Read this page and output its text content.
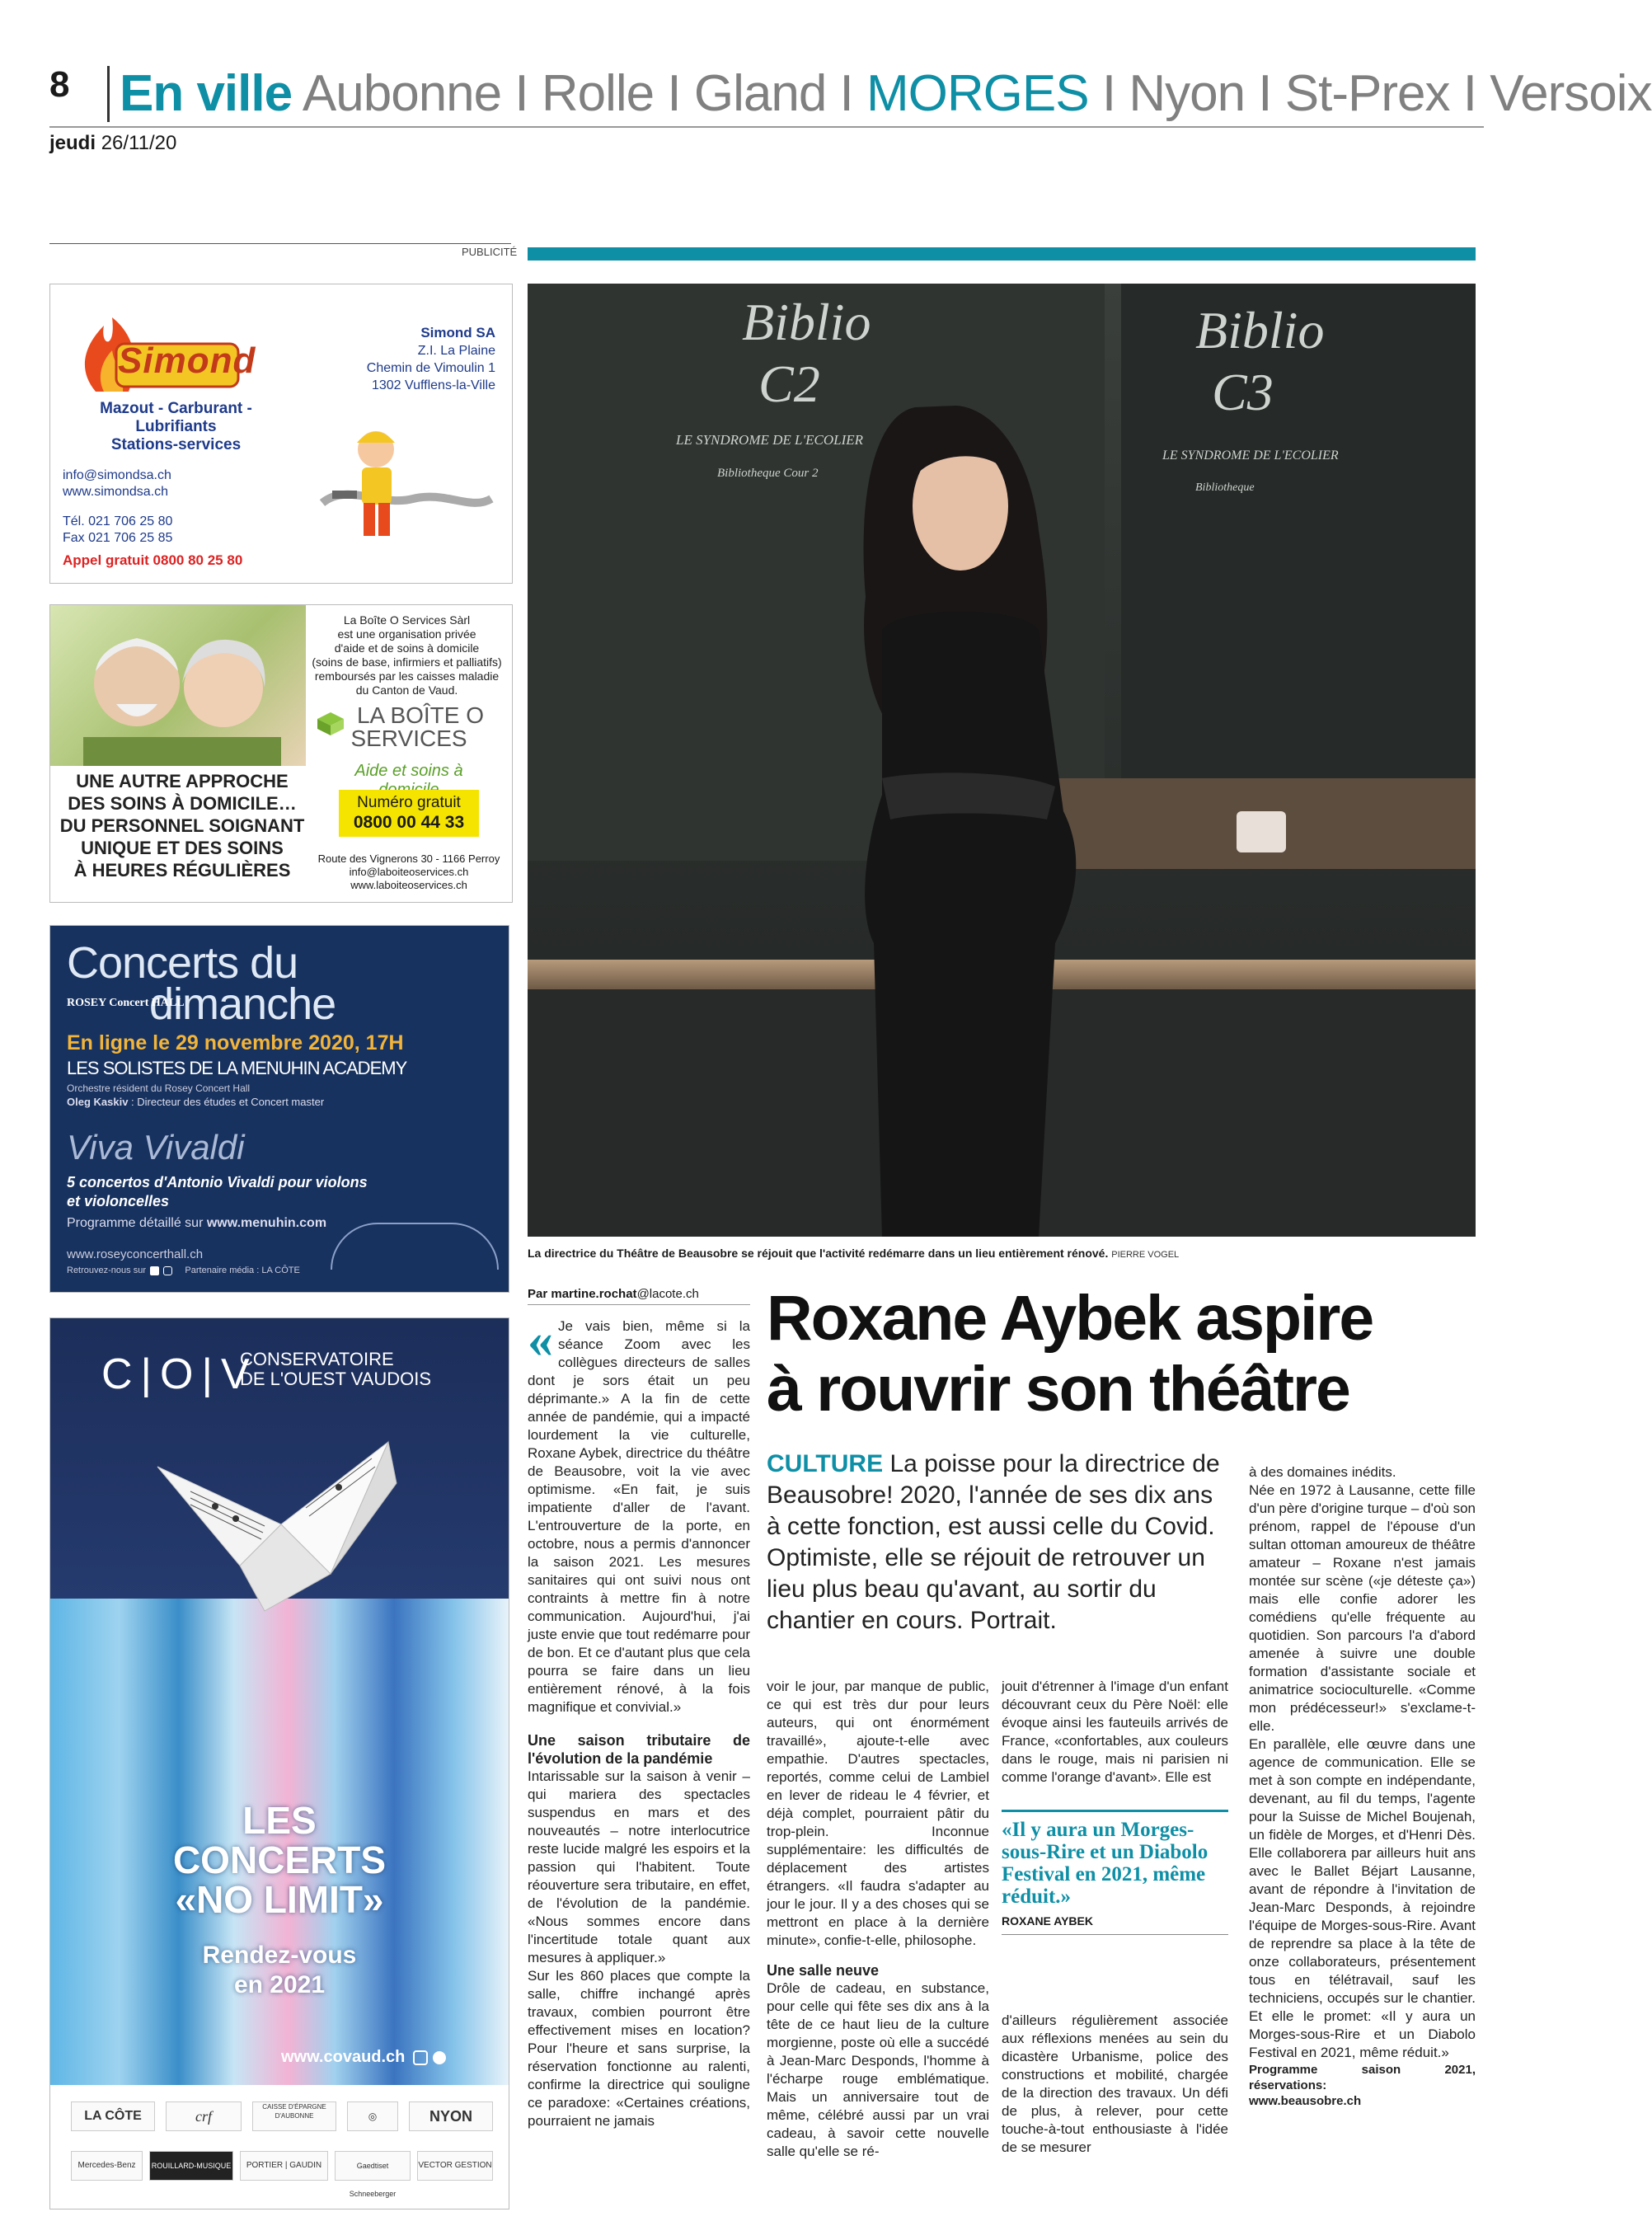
8 En ville Aubonne I Rolle I Gland I MORGES I Nyon I St-Prex I Versoix
jeudi 26/11/20
PUBLICITÉ
Simond
Mazout - Carburant - Lubrifiants
Stations-services
Simond SA
Z.I. La Plaine
Chemin de Vimoulin 1
1302 Vufflens-la-Ville
info@simondsa.ch
www.simondsa.ch
Tél. 021 706 25 80
Fax 021 706 25 85
Appel gratuit 0800 80 25 80
UNE AUTRE APPROCHE
DES SOINS À DOMICILE…
DU PERSONNEL SOIGNANT
UNIQUE ET DES SOINS
À HEURES RÉGULIÈRES
La Boîte O Services Sàrl
est une organisation privée
d'aide et de soins à domicile
(soins de base, infirmiers et palliatifs)
remboursés par les caisses maladie
du Canton de Vaud.
LA BOÎTE O
SERVICES
Aide et soins à
Numéro gratuit
0800 00 44 33
Route des Vignerons 30 - 1166 Perroy
info@laboiteoservices.ch
www.laboiteoservices.ch
Concerts du
dimanche
ROSEY Concert HALL
En ligne le 29 novembre 2020, 17H
LES SOLISTES DE LA MENUHIN ACADEMY
Orchestre résident du Rosey Concert Hall
Oleg Kaskiv : Directeur des études et Concert master
Viva Vivaldi
5 concertos d'Antonio Vivaldi pour violons
et violoncelles
Programme détaillé sur www.menuhin.com
www.roseyconcerthall.ch
Retrouvez-nous sur	Partenaire média : LA CÔTE
C|O|V
CONSERVATOIRE
DE L'OUEST VAUDOIS
LES
CONCERTS
«NO LIMIT»
Rendez-vous
en 2021
www.covaud.ch
LA CÔTE	crf
CAISSE D'ÉPARGNE D'AUBONNE	◎	NYON
Mercedes-Benz	ROUILLARD-MUSIQUE	PORTIER | GAUDIN	Gaedtiset Schneeberger
VECTOR GESTION
Biblio
C2
Biblio
C3
LE SYNDROME DE L'ECOLIER
Bibliotheque Cour 2
LE SYNDROME DE L'ECOLIER
Bibliotheque
La directrice du Théâtre de Beausobre se réjouit que l'activité redémarre dans un lieu entièrement rénové. PIERRE VOGEL
Par martine.rochat@lacote.ch Roxane Aybek aspire
à rouvrir son théâtre
CULTURE La poisse pour la directrice de Beausobre! 2020, l'année de ses dix ans à cette fonction, est aussi celle du Covid. Optimiste, elle se réjouit de retrouver un lieu plus beau qu'avant, au sortir du chantier en cours. Portrait.
« Je vais bien, même si la séance Zoom avec les collègues directeurs de salles dont je sors était un peu déprimante.» A la fin de cette année de pandémie, qui a impacté lourdement la vie culturelle, Roxane Aybek, directrice du théâtre de Beausobre, voit la vie avec optimisme. «En fait, je suis impatiente d'aller de l'avant. L'entrouverture de la porte, en octobre, nous a permis d'annoncer la saison 2021. Les mesures sanitaires qui ont suivi nous ont contraints à mettre fin à notre communication. Aujourd'hui, j'ai juste envie que tout redémarre pour de bon. Et ce d'autant plus que cela pourra se faire dans un lieu entièrement rénové, à la fois magnifique et convivial.»

Une saison tributaire de l'évolution de la pandémie

Intarissable sur la saison à venir – qui mariera des spectacles suspendus en mars et des nouveautés – notre interlocutrice reste lucide malgré les espoirs et la passion qui l'habitent. Toute réouverture sera tributaire, en effet, de l'évolution de la pandémie. «Nous sommes encore dans l'incertitude totale quant aux mesures à appliquer.»

Sur les 860 places que compte la salle, chiffre inchangé après travaux, combien pourront être effectivement mises en location? Pour l'heure et sans surprise, la réservation fonctionne au ralenti, confirme la directrice qui souligne ce paradoxe: «Certaines créations, pourraient ne jamais

voir le jour, par manque de public, ce qui est très dur pour leurs auteurs, qui ont énormément travaillé», ajoute-t-elle avec empathie. D'autres spectacles, reportés, comme celui de Lambiel en lever de rideau le 4 février, et déjà complet, pourraient pâtir du trop-plein. Inconnue supplémentaire: les difficultés de déplacement des artistes étrangers. «Il faudra s'adapter au jour le jour. Il y a des choses qui se mettront en place à la dernière minute», confie-t-elle, philosophe.

Une salle neuve

Drôle de cadeau, en substance, pour celle qui fête ses dix ans à la tête de ce haut lieu de la culture morgienne, poste où elle a succédé à Jean-Marc Desponds, l'homme à l'écharpe rouge emblématique. Mais un anniversaire tout de même, célébré aussi par un vrai cadeau, à savoir cette nouvelle salle qu'elle se ré-

jouit d'étrenner à l'image d'un enfant découvrant ceux du Père Noël: elle évoque ainsi les fauteuils arrivés de France, «confortables, aux couleurs dans le rouge, mais ni parisien ni comme l'orange d'avant». Elle est

«Il y aura un Morges-sous-Rire et un Diabolo Festival en 2021, même réduit.»
ROXANE AYBEK

d'ailleurs régulièrement associée aux réflexions menées au sein du dicastère Urbanisme, police des constructions et mobilité, chargée de la direction des travaux. Un défi de plus, à relever, pour cette touche-à-tout enthousiaste à l'idée de se mesurer

à des domaines inédits.

Née en 1972 à Lausanne, cette fille d'un père d'origine turque – d'où son prénom, rappel de l'épouse d'un sultan ottoman amoureux de théâtre amateur – Roxane n'est jamais montée sur scène («je déteste ça») mais elle confie adorer les comédiens qu'elle fréquente au quotidien. Son parcours l'a d'abord amenée à suivre une double formation d'assistante sociale et animatrice socioculturelle. «Comme mon prédécesseur!» s'exclame-t-elle.

En parallèle, elle œuvre dans une agence de communication. Elle se met à son compte en indépendante, devenant, au fil du temps, l'agente pour la Suisse de Michel Boujenah, un fidèle de Morges, et d'Henri Dès. Elle collaborera par ailleurs huit ans avec le Ballet Béjart Lausanne, avant de répondre à l'invitation de Jean-Marc Desponds, à rejoindre l'équipe de Morges-sous-Rire. Avant de reprendre sa place à la tête de onze collaborateurs, présentement tous en télétravail, sauf les techniciens, occupés sur le chantier. Et elle le promet: «Il y aura un Morges-sous-Rire et un Diabolo Festival en 2021, même réduit.»

Programme saison 2021, réservations:

www.beausobre.ch
